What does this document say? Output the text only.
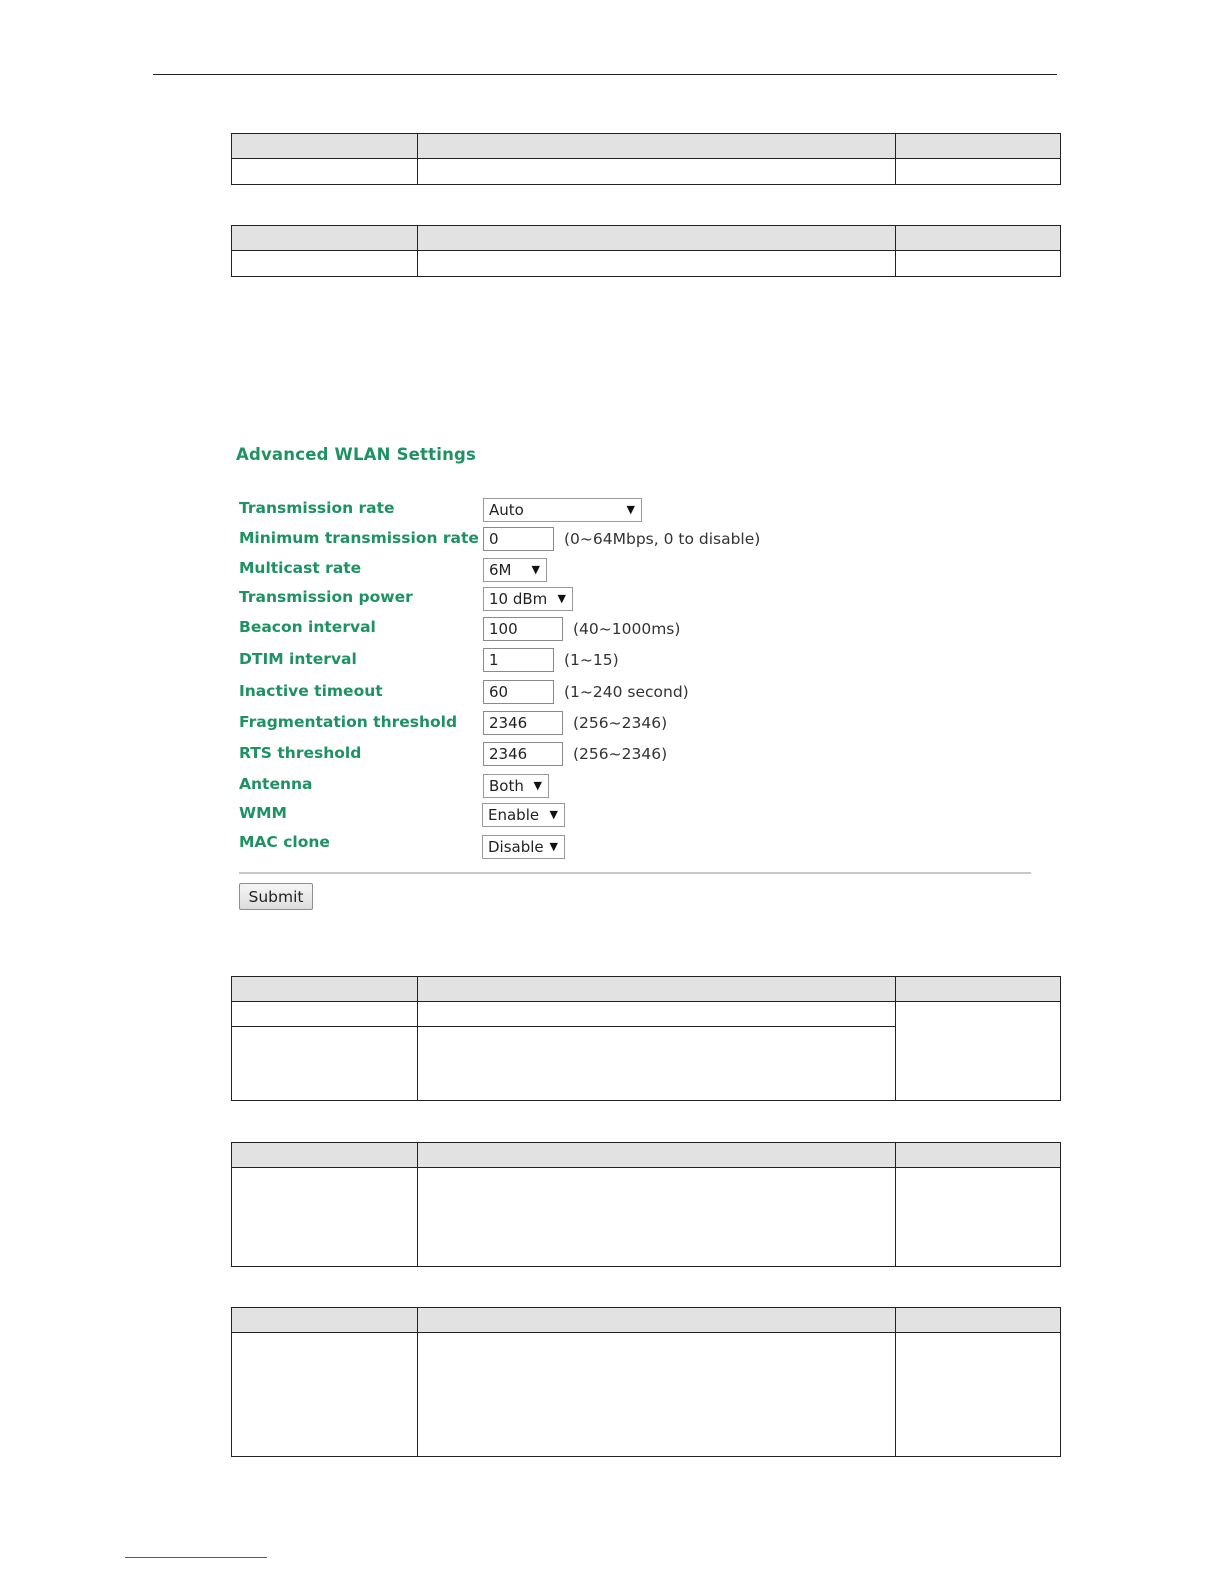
Advanced WLAN Settings
Transmission rate	Auto	▼
Minimum transmission rate 0	(0~64Mbps, 0 to disable)
Multicast rate	6M ▼
Transmission power	10 dBm ▼
Beacon interval	100	(40~1000ms)
DTIM interval	1	(1~15)
Inactive timeout	60	(1~240 second)
Fragmentation threshold	2346	(256~2346)
RTS threshold	2346	(256~2346)
Antenna	Both ▼
WMM	Enable ▼
MAC clone	Disable ▼
Submit
